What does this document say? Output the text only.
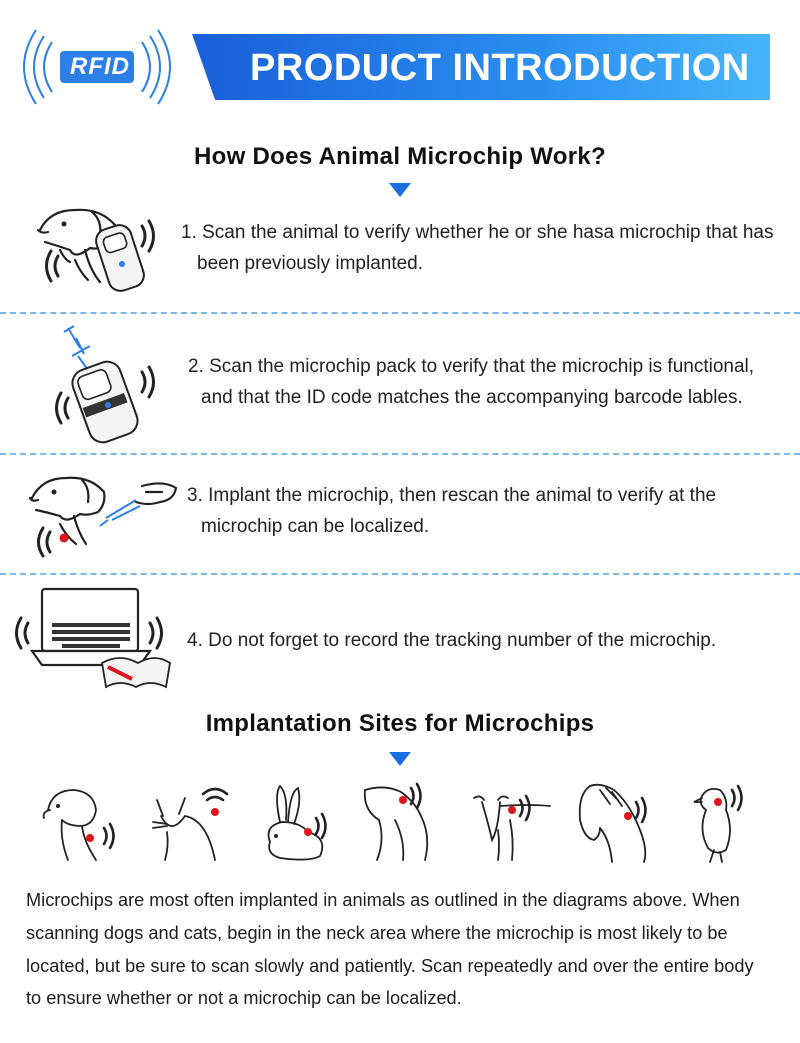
RFID	PRODUCT INTRODUCTION
How Does Animal Microchip Work?
1. Scan the animal to verify whether he or she hasa microchip that has
been previously implanted.
2. Scan the microchip pack to verify that the microchip is functional,
and that the ID code matches the accompanying barcode lables.
3. Implant the microchip, then rescan the animal to verify at the
microchip can be localized.
4. Do not forget to record the tracking number of the microchip.
Implantation Sites for Microchips
Microchips are most often implanted in animals as outlined in the diagrams above. When
scanning dogs and cats, begin in the neck area where the microchip is most likely to be
located, but be sure to scan slowly and patiently. Scan repeatedly and over the entire body
to ensure whether or not a microchip can be localized.
